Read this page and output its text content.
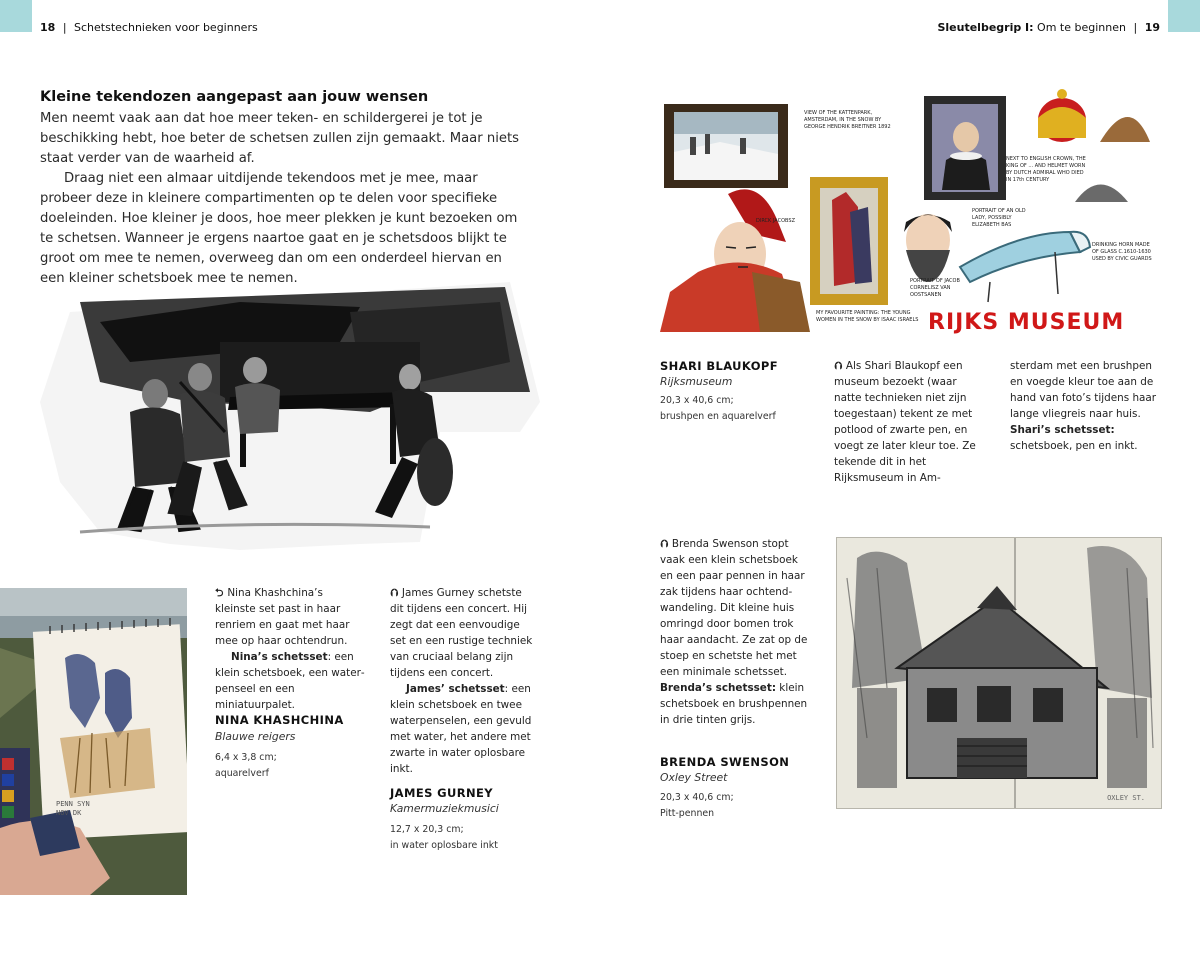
18 | Schetstechnieken voor beginners	Sleutelbegrip I: Om te beginnen | 19
Kleine tekendozen aangepast aan jouw wensen
Men neemt vaak aan dat hoe meer teken- en schildergerei je tot je beschikking hebt, hoe beter de schetsen zullen zijn gemaakt. Maar niets staat verder van de waarheid af.
Draag niet een almaar uitdijende tekendoos met je mee, maar probeer deze in kleinere compartimenten op te delen voor specifieke doeleinden. Hoe kleiner je doos, hoe meer plekken je kunt bezoeken om te schetsen. Wanneer je ergens naartoe gaat en je schetsdoos blijkt te groot om mee te nemen, overweeg dan om een onderdeel hiervan en een kleiner schetsboek mee te nemen.
PENN SYN NOV DK
⮌ Nina Khashchina’s kleinste set past in haar renriem en gaat met haar mee op haar ochtendrun.
Nina’s schetsset: een klein schetsboek, een waterpenseel en een miniatuurpalet.
NINA KHASHCHINA
Blauwe reigers
6,4 x 3,8 cm;
aquarelverf
⮉ James Gurney schetste dit tijdens een concert. Hij zegt dat een eenvoudige set en een rustige techniek van cruciaal belang zijn tijdens een concert.
James’ schetsset: een klein schetsboek en twee waterpenselen, een gevuld met water, het andere met zwarte in water oplosbare inkt.
JAMES GURNEY
Kamermuziekmusici
12,7 x 20,3 cm;
in water oplosbare inkt
RIJKS MUSEUM
VIEW OF THE KATTENPARK, AMSTERDAM, IN THE SNOW BY GEORGE HENDRIK BREITNER 1892
PORTRAIT OF AN OLD LADY, POSSIBLY ELIZABETH BAS
NEXT TO ENGLISH CROWN, THE KING OF ... AND HELMET WORN BY DUTCH ADMIRAL WHO DIED IN 17th CENTURY
DRINKING HORN MADE OF GLASS C.1610-1630 USED BY CIVIC GUARDS
MY FAVOURITE PAINTING: THE YOUNG WOMEN IN THE SNOW BY ISAAC ISRAELS
PORTRAIT OF JACOB CORNELISZ VAN OOSTSANEN
DIRCK JACOBSZ
SHARI BLAUKOPF
Rijksmuseum
20,3 x 40,6 cm;
brushpen en aquarelverf
⮉ Als Shari Blaukopf een museum bezoekt (waar natte technieken niet zijn toegestaan) tekent ze met potlood of zwarte pen, en voegt ze later kleur toe. Ze tekende dit in het Rijksmuseum in Am-
sterdam met een brushpen en voegde kleur toe aan de hand van foto’s tijdens haar lange vliegreis naar huis. Shari’s schetsset: schetsboek, pen en inkt.
⮉ Brenda Swenson stopt vaak een klein schetsboek en een paar pennen in haar zak tijdens haar ochtendwandeling. Dit kleine huis omringd door bomen trok haar aandacht. Ze zat op de stoep en schetste het met een minimale schetsset. Brenda’s schetsset: klein schetsboek en brushpennen in drie tinten grijs.
BRENDA SWENSON
Oxley Street
20,3 x 40,6 cm;
Pitt-pennen
OXLEY ST.
